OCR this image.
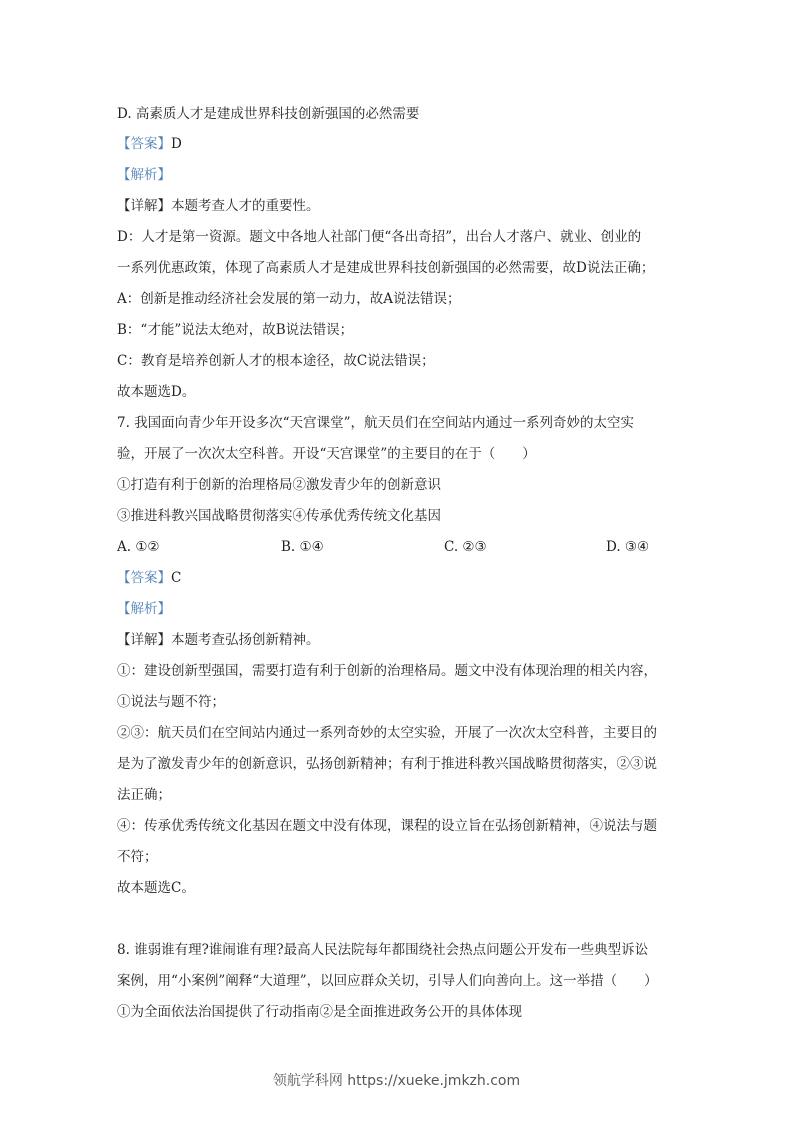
D. 高素质人才是建成世界科技创新强国的必然需要
【答案】D
【解析】
【详解】本题考查人才的重要性。
D：人才是第一资源。题文中各地人社部门便“各出奇招”，出台人才落户、就业、创业的
一系列优惠政策，体现了高素质人才是建成世界科技创新强国的必然需要，故D说法正确；
A：创新是推动经济社会发展的第一动力，故A说法错误；
B：“才能”说法太绝对，故B说法错误；
C：教育是培养创新人才的根本途径，故C说法错误；
故本题选D。
7. 我国面向青少年开设多次“天宫课堂”，航天员们在空间站内通过一系列奇妙的太空实
验，开展了一次次太空科普。开设“天宫课堂”的主要目的在于（　　）
①打造有利于创新的治理格局②激发青少年的创新意识
③推进科教兴国战略贯彻落实④传承优秀传统文化基因
A. ①②	B. ①④	C. ②③	D. ③④
【答案】C
【解析】
【详解】本题考查弘扬创新精神。
①：建设创新型强国，需要打造有利于创新的治理格局。题文中没有体现治理的相关内容，
①说法与题不符；
②③：航天员们在空间站内通过一系列奇妙的太空实验，开展了一次次太空科普，主要目的
是为了激发青少年的创新意识，弘扬创新精神；有利于推进科教兴国战略贯彻落实，②③说
法正确；
④：传承优秀传统文化基因在题文中没有体现，课程的设立旨在弘扬创新精神，④说法与题
不符；
故本题选C。
8. 谁弱谁有理?谁闹谁有理?最高人民法院每年都围绕社会热点问题公开发布一些典型诉讼
案例，用“小案例”阐释“大道理”，以回应群众关切，引导人们向善向上。这一举措（　　）
①为全面依法治国提供了行动指南②是全面推进政务公开的具体体现
领航学科网 https://xueke.jmkzh.com
